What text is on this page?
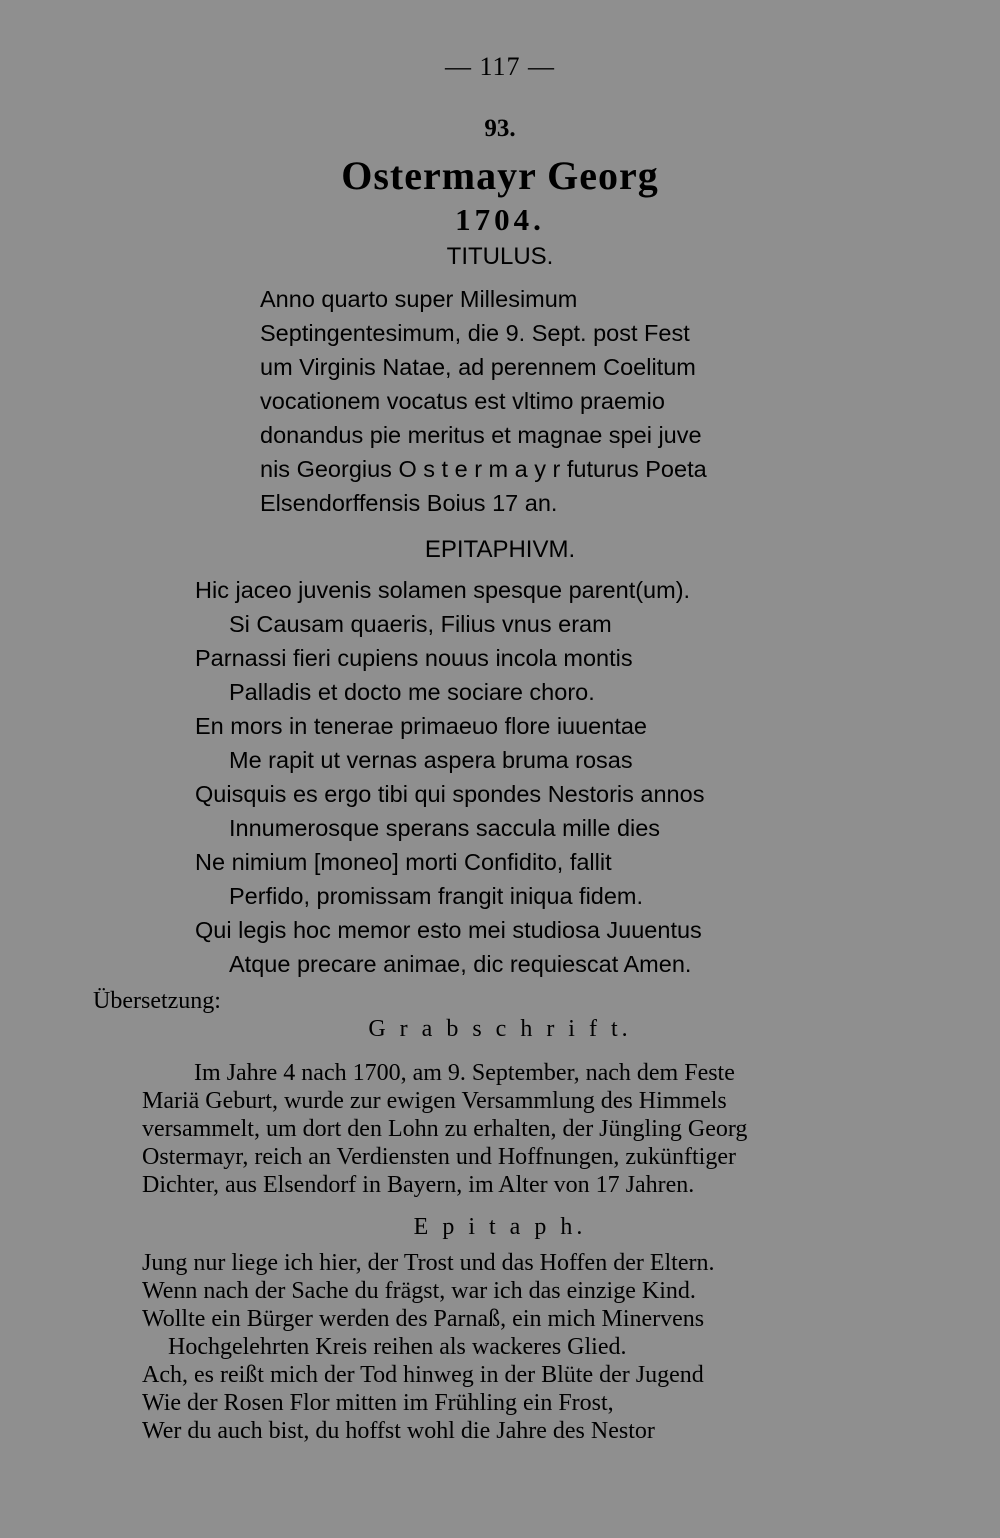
— 117 —
93.
Ostermayr Georg
1704.
TITULUS.
Anno quarto super Millesimum
Septingentesimum, die 9. Sept. post Fest
um Virginis Natae, ad perennem Coelitum
vocationem vocatus est vltimo praemio
donandus pie meritus et magnae spei juve
nis Georgius O s t e r m a y r futurus Poeta
Elsendorffensis Boius 17 an.
EPITAPHIVM.
Hic jaceo juvenis solamen spesque parent(um).
Si Causam quaeris, Filius vnus eram
Parnassi fieri cupiens nouus incola montis
Palladis et docto me sociare choro.
En mors in tenerae primaeuo flore iuuentae
Me rapit ut vernas aspera bruma rosas
Quisquis es ergo tibi qui spondes Nestoris annos
Innumerosque sperans saccula mille dies
Ne nimium [moneo] morti Confidito, fallit
Perfido, promissam frangit iniqua fidem.
Qui legis hoc memor esto mei studiosa Juuentus
Atque precare animae, dic requiescat Amen.
Übersetzung:
G r a b s c h r i f t.
Im Jahre 4 nach 1700, am 9. September, nach dem Feste
Mariä Geburt, wurde zur ewigen Versammlung des Himmels
versammelt, um dort den Lohn zu erhalten, der Jüngling Georg
Ostermayr, reich an Verdiensten und Hoffnungen, zukünftiger
Dichter, aus Elsendorf in Bayern, im Alter von 17 Jahren.
E p i t a p h.
Jung nur liege ich hier, der Trost und das Hoffen der Eltern.
Wenn nach der Sache du frägst, war ich das einzige Kind.
Wollte ein Bürger werden des Parnaß, ein mich Minervens
Hochgelehrten Kreis reihen als wackeres Glied.
Ach, es reißt mich der Tod hinweg in der Blüte der Jugend
Wie der Rosen Flor mitten im Frühling ein Frost,
Wer du auch bist, du hoffst wohl die Jahre des Nestor
